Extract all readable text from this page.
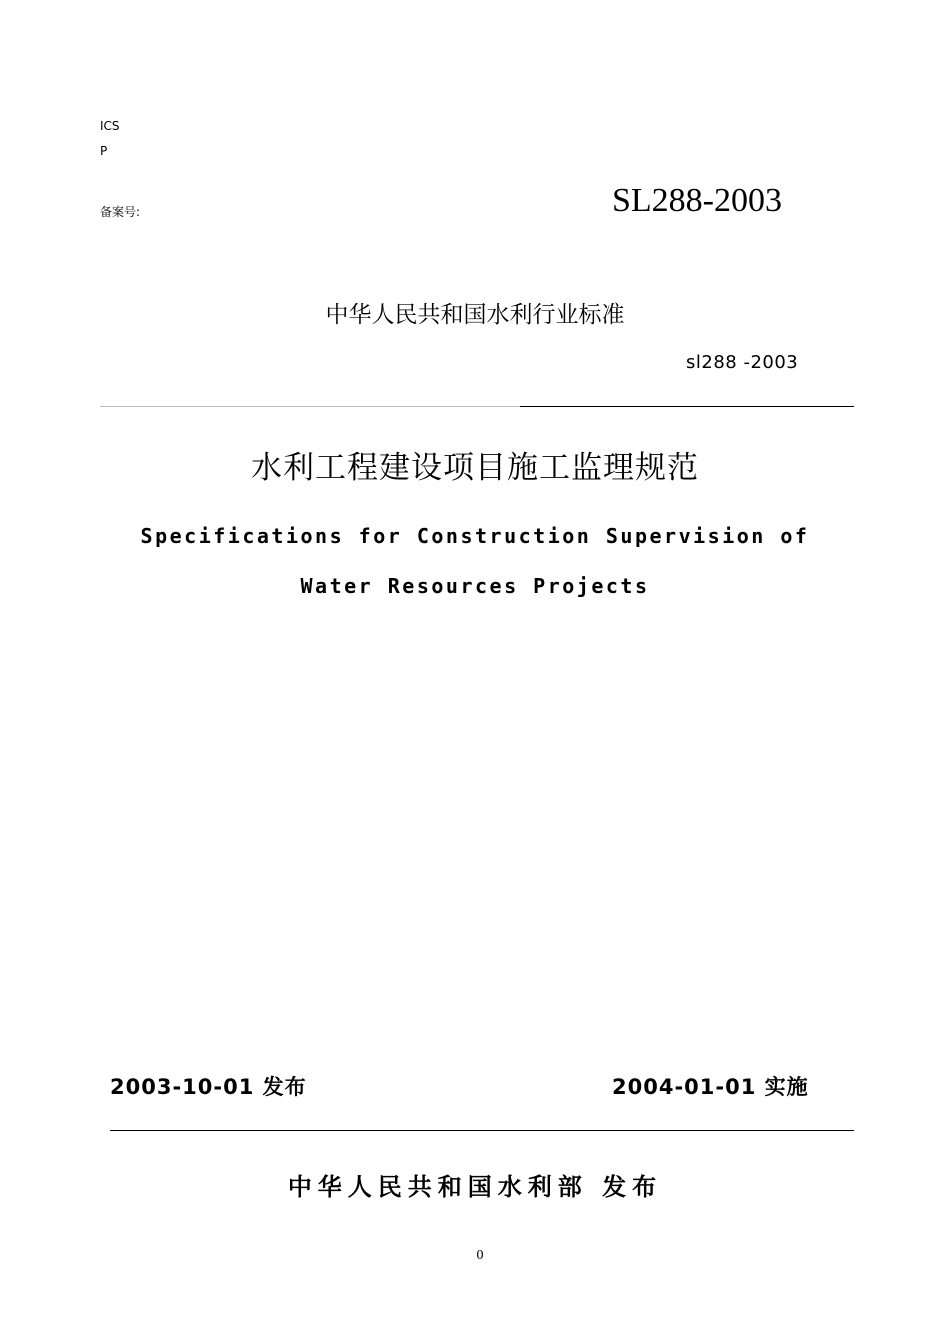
ICS
P
备案号:	SL288-2003
中华人民共和国水利行业标准
sl288 -2003
水利工程建设项目施工监理规范
Specifications for Construction Supervision of
Water Resources Projects
2003-10-01 发布	2004-01-01 实施
中华人民共和国水利部 发布
0
